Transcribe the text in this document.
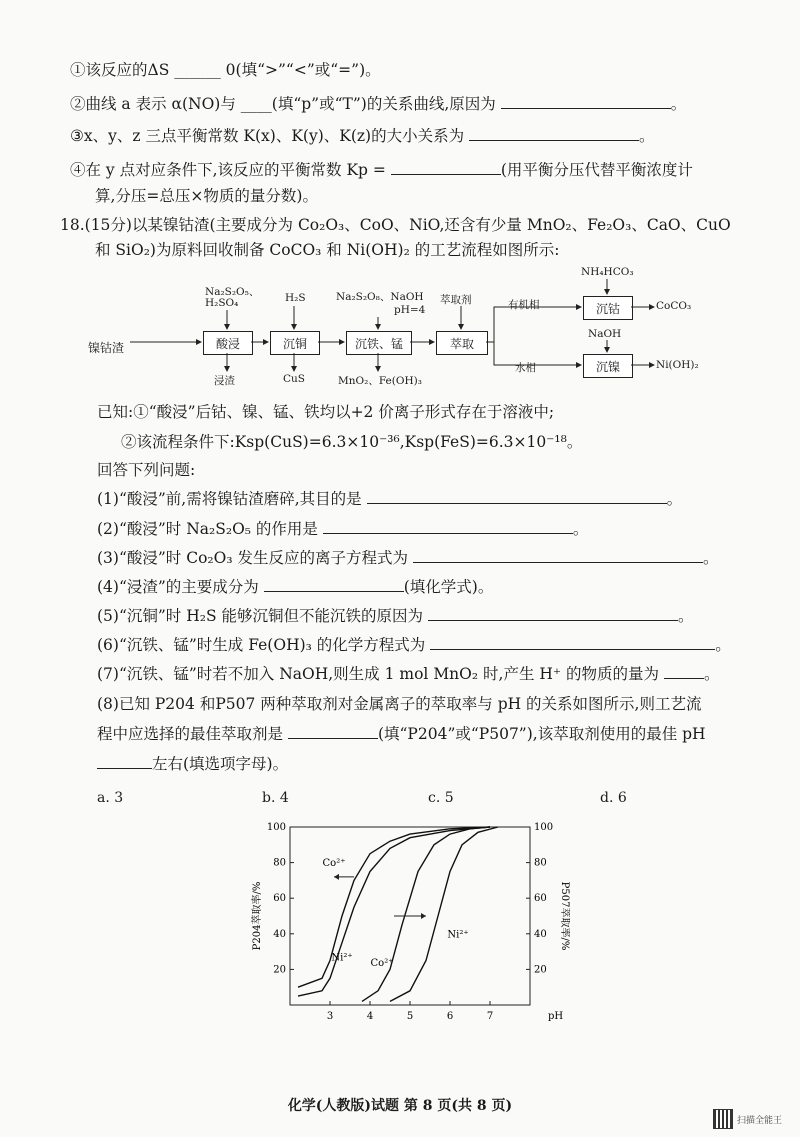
①该反应的ΔS ______ 0(填“>”“<”或“=”)。
②曲线 a 表示 α(NO)与 ____(填“p”或“T”)的关系曲线,原因为	。
③x、y、z 三点平衡常数 K(x)、K(y)、K(z)的大小关系为	。
④在 y 点对应条件下,该反应的平衡常数 Kp =	(用平衡分压代替平衡浓度计
算,分压=总压×物质的量分数)。
18.(15分)以某镍钴渣(主要成分为 Co₂O₃、CoO、NiO,还含有少量 MnO₂、Fe₂O₃、CaO、CuO
和 SiO₂)为原料回收制备 CoCO₃ 和 Ni(OH)₂ 的工艺流程如图所示:
镍钴渣	酸浸	沉铜	沉铁、锰	萃取
沉钴
沉镍
Na₂S₂O₅、
H₂SO₄	H₂S	Na₂S₂O₈、NaOH
pH=4
萃取剂
NH₄HCO₃
NaOH
有机相
水相
浸渣	CuS	MnO₂、Fe(OH)₃
CoCO₃
Ni(OH)₂
已知:①“酸浸”后钴、镍、锰、铁均以+2 价离子形式存在于溶液中;
②该流程条件下:Ksp(CuS)=6.3×10⁻³⁶,Ksp(FeS)=6.3×10⁻¹⁸。
回答下列问题:
(1)“酸浸”前,需将镍钴渣磨碎,其目的是	。
(2)“酸浸”时 Na₂S₂O₅ 的作用是	。
(3)“酸浸”时 Co₂O₃ 发生反应的离子方程式为	。
(4)“浸渣”的主要成分为	(填化学式)。
(5)“沉铜”时 H₂S 能够沉铜但不能沉铁的原因为	。
(6)“沉铁、锰”时生成 Fe(OH)₃ 的化学方程式为	。
(7)“沉铁、锰”时若不加入 NaOH,则生成 1 mol MnO₂ 时,产生 H⁺ 的物质的量为	。
(8)已知 P204 和P507 两种萃取剂对金属离子的萃取率与 pH 的关系如图所示,则工艺流
程中应选择的最佳萃取剂是	(填“P204”或“P507”),该萃取剂使用的最佳 pH
左右(填选项字母)。
a. 3	b. 4	c. 5	d. 6
3	4	5	6	7
20	20
40	40
60	60
80	80
100	100
pH
P204萃取率/%	P507萃取率/%
Ni²⁺
Co²⁺
Co²⁺
Ni²⁺
化学(人教版)试题 第 8 页(共 8 页)
扫描全能王
